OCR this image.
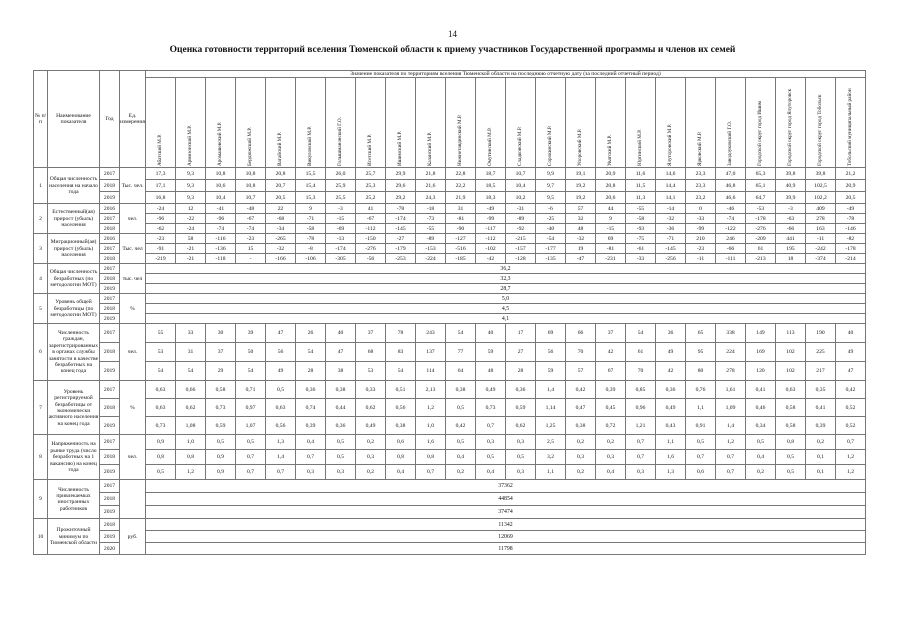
14
Оценка готовности территорий вселения Тюменской области к приему участников Государственной программы и членов их семей
№ п/п	Наименование показателя	Год	Ед. измерения	Значение показателя по территориям вселения Тюменской области на последнюю отчетную дату (за последний отчетный период)																							

				Абатский М.Р.	Армизонский М.Р.	Аромашевский М.Р.	Бердюжский М.Р.	Вагайский М.Р.	Викуловский М.Р.	Голышмановский Г.О.	Исетский М.Р.	Ишимский М.Р.	Казанский М.Р.	Нижнетавдинский М.Р.	Омутинский М.Р.	Сладковский М.Р.	Сорокинский М.Р.	Упоровский М.Р.	Уватский М.Р.	Юргинский М.Р.	Ялуторовский М.Р.	Ярковский М.Р.	Заводоуковский Г.О.	Городской округ город Ишим	Городской округ город Ялуторовск	Городской округ город Тобольск	Тобольский муниципальный район

1	Общая численность населения на начало года	2017	Тыс. чел.	17,3	9,3	10,8	10,8	20,8	15,5	26,0	25,7	29,9	21,8	22,8	18,7	10,7	9,9	19,1	20,9	11,6	14,6	23,3	47,0	65,3	39,8	39,8	21,2
		2018		17,1	9,3	10,6	10,8	20,7	15,4	25,9	25,3	29,6	21,6	22,2	18,5	10,4	9,7	19,2	20,8	11,5	14,4	23,3	46,8	65,1	40,9	102,5	20,9
		2019		16,8	9,3	10,4	10,7	20,5	15,3	25,5	25,2	29,2	24,3	21,9	18,3	10,2	9,5	19,2	20,6	11,3	14,1	23,2	46,6	64,7	39,9	102,2	20,5
2	Естественный(ая) прирост (убыль) населения	2016	чел.	-24	12	-41	-48	22	9	-3	41	-78	-18	31	-49	-31	-6	57	44	-55	-14	0	-46	-53	-3	409	-49
		2017		-96	-22	-96	-67	-68	-71	-15	-67	-174	-73	-81	-99	-89	-25	32	9	-58	-32	-33	-74	-178	-63	278	-78
		2018		-62	-24	-74	-74	-34	-58	-69	-112	-145	-55	-90	-117	-92	-40	48	-15	-93	-36	-99	-122	-276	-66	163	-146
3	Миграционный(ая) прирост (убыль) населения	2016	Тыс. чел	-23	58	-116	-23	-265	-78	-13	-150	-27	-89	-127	-112	-215	-54	-32	69	-75	-71	210	246	-209	441	-11	-82
		2017		-91	-21	-136	15	-32	-8	-174	-276	-179	-153	-516	-102	-157	-177	19	-81	-61	-145	-23	-66	61	195	-242	-178
		2018		-219	-21	-118	-	-166	-106	-305	-56	-253	-224	-185	-42	-128	-135	-47	-231	-33	-256	-11	-111	-213	18	-374	-214
4	Общая численность безработных (по методологии МОТ)	2017	тыс. чел	36,2																							
		2018		32,3																							
		2019		28,7																							
5	Уровень общей безработицы (по методологии МОТ)	2017	%	5,0																							
		2018		4,5																							
		2019		4,1																							
6	Численность граждан, зарегистрированных в органах службы занятости в качестве безработных на конец года	2017	чел.	55	33	30	39	47	26	40	37	78	243	54	40	17	69	66	37	54	36	65	338	149	113	190	40
		2018		53	31	37	50	56	54	47	68	83	137	77	59	27	56	70	42	61	49	95	224	169	102	225	49
		2019		54	54	29	54	49	28	38	53	54	114	64	48	28	59	57	67	70	42	80	278	120	102	217	47
7	Уровень регистрируемой безработицы от экономически активного населения на конец года	2017	%	0,63	0,66	0,58	0,71	0,5	0,36	0,38	0,33	0,51	2,13	0,38	0,49	0,36	1,4	0,42	0,39	0,85	0,36	0,76	1,61	0,41	0,63	0,35	0,42
		2018		0,63	0,62	0,73	0,97	0,63	0,74	0,44	0,62	0,56	1,2	0,5	0,73	0,59	1,14	0,47	0,45	0,96	0,49	1,1	1,09	0,46	0,58	0,41	0,52
		2019		0,73	1,08	0,59	1,07	0,56	0,39	0,36	0,49	0,38	1,0	0,42	0,7	0,62	1,25	0,38	0,72	1,21	0,43	0,91	1,4	0,34	0,58	0,39	0,52
8	Напряженность на рынке труда (число безработных на 1 вакансию) на конец года	2017	чел.	0,9	1,0	0,5	0,5	1,3	0,4	0,5	0,2	0,6	1,6	0,5	0,3	0,3	2,5	0,2	0,2	0,7	1,1	0,5	1,2	0,5	0,8	0,2	0,7
		2018		0,8	0,8	0,9	0,7	1,4	0,7	0,5	0,3	0,8	0,8	0,4	0,5	0,5	3,2	0,3	0,3	0,7	1,6	0,7	0,7	0,4	0,5	0,1	1,2
		2019		0,5	1,2	0,9	0,7	0,7	0,3	0,3	0,2	0,4	0,7	0,2	0,4	0,3	1,1	0,2	0,4	0,3	1,3	0,6	0,7	0,2	0,5	0,1	1,2
9	Численность привлекаемых иностранных работников	2017		37362																							
		2018		44854																							
		2019		37474																							
10	Прожиточный минимум по Тюменской области	2018	руб.	11342																							
		2019		12069																							
		2020		11798																							
